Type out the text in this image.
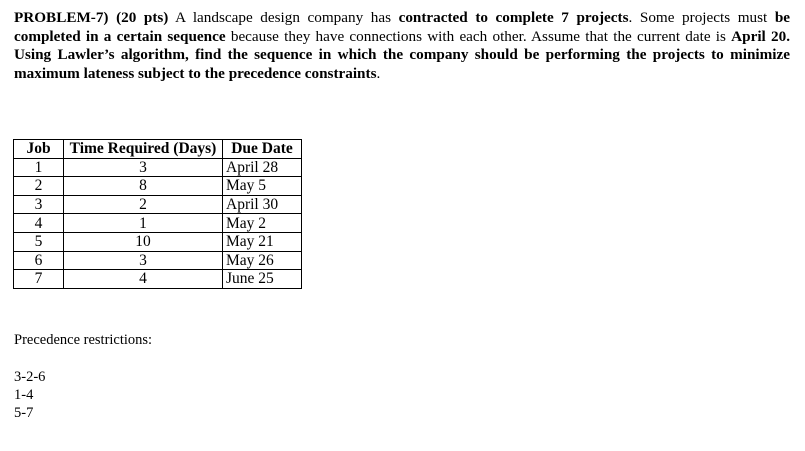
PROBLEM-7) (20 pts) A landscape design company has contracted to complete 7 projects. Some projects must be completed in a certain sequence because they have connections with each other. Assume that the current date is April 20. Using Lawler’s algorithm, find the sequence in which the company should be performing the projects to minimize maximum lateness subject to the precedence constraints.

Job	Time Required (Days)	Due Date
1	3	April 28
2	8	May 5
3	2	April 30
4	1	May 2
5	10	May 21
6	3	May 26
7	4	June 25

Precedence restrictions:

3-2-6
1-4
5-7
